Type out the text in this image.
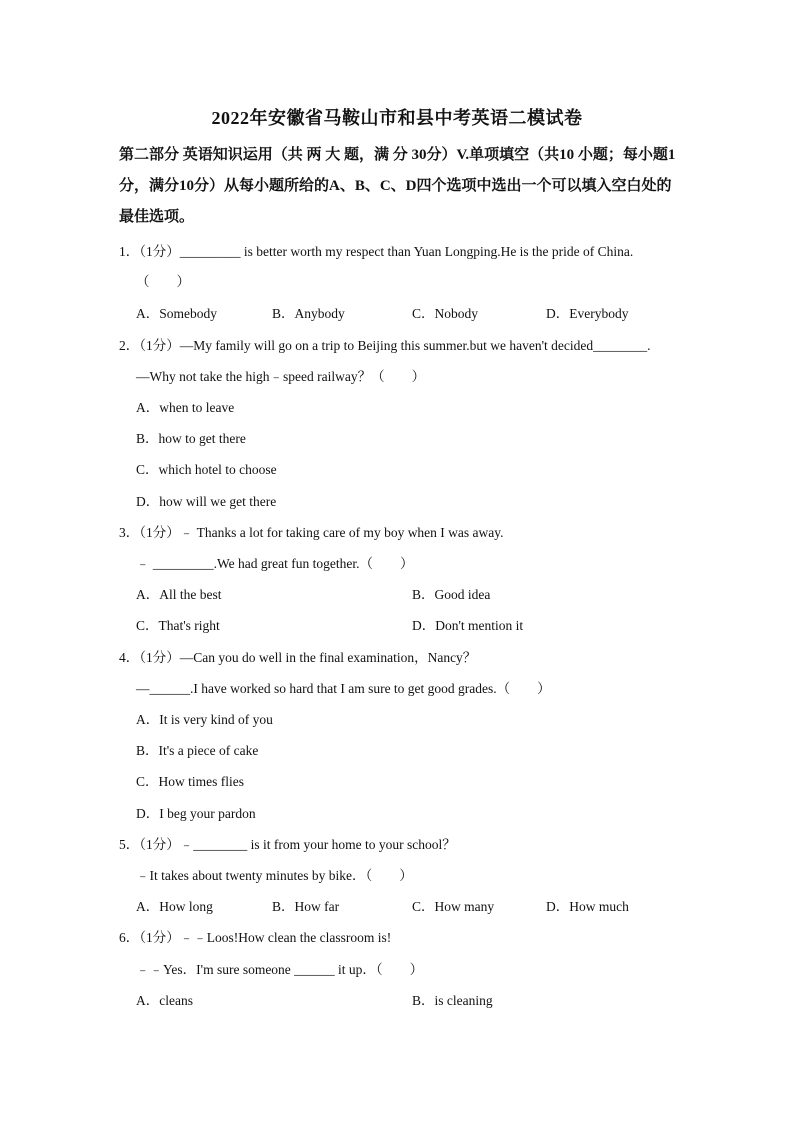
2022年安徽省马鞍山市和县中考英语二模试卷
第二部分 英语知识运用（共 两 大 题，满 分 30分）V.单项填空（共10 小题；每小题1分，满分10分）从每小题所给的A、B、C、D四个选项中选出一个可以填入空白处的最佳选项。
1．（1分）_________ is better worth my respect than Yuan Longping.He is the pride of China.
（　　）
A．Somebody	B．Anybody	C．Nobody	D．Everybody
2．（1分）—My family will go on a trip to Beijing this summer.but we haven't decided________.
—Why not take the high﹣speed railway？（　　）
A．when to leave
B．how to get there
C．which hotel to choose
D．how will we get there
3．（1分）﹣ Thanks a lot for taking care of my boy when I was away.
﹣ _________.We had great fun together.（　　）
A．All the best	B．Good idea
C．That's right	D．Don't mention it
4．（1分）—Can you do well in the final examination，Nancy？
—______.I have worked so hard that I am sure to get good grades.（　　）
A．It is very kind of you
B．It's a piece of cake
C．How times flies
D．I beg your pardon
5．（1分）﹣________ is it from your home to your school？
﹣It takes about twenty minutes by bike．（　　）
A．How long	B．How far	C．How many	D．How much
6．（1分）﹣﹣Loos!How clean the classroom is!
﹣﹣Yes．I'm sure someone ______ it up．（　　）
A．cleans	B．is cleaning
